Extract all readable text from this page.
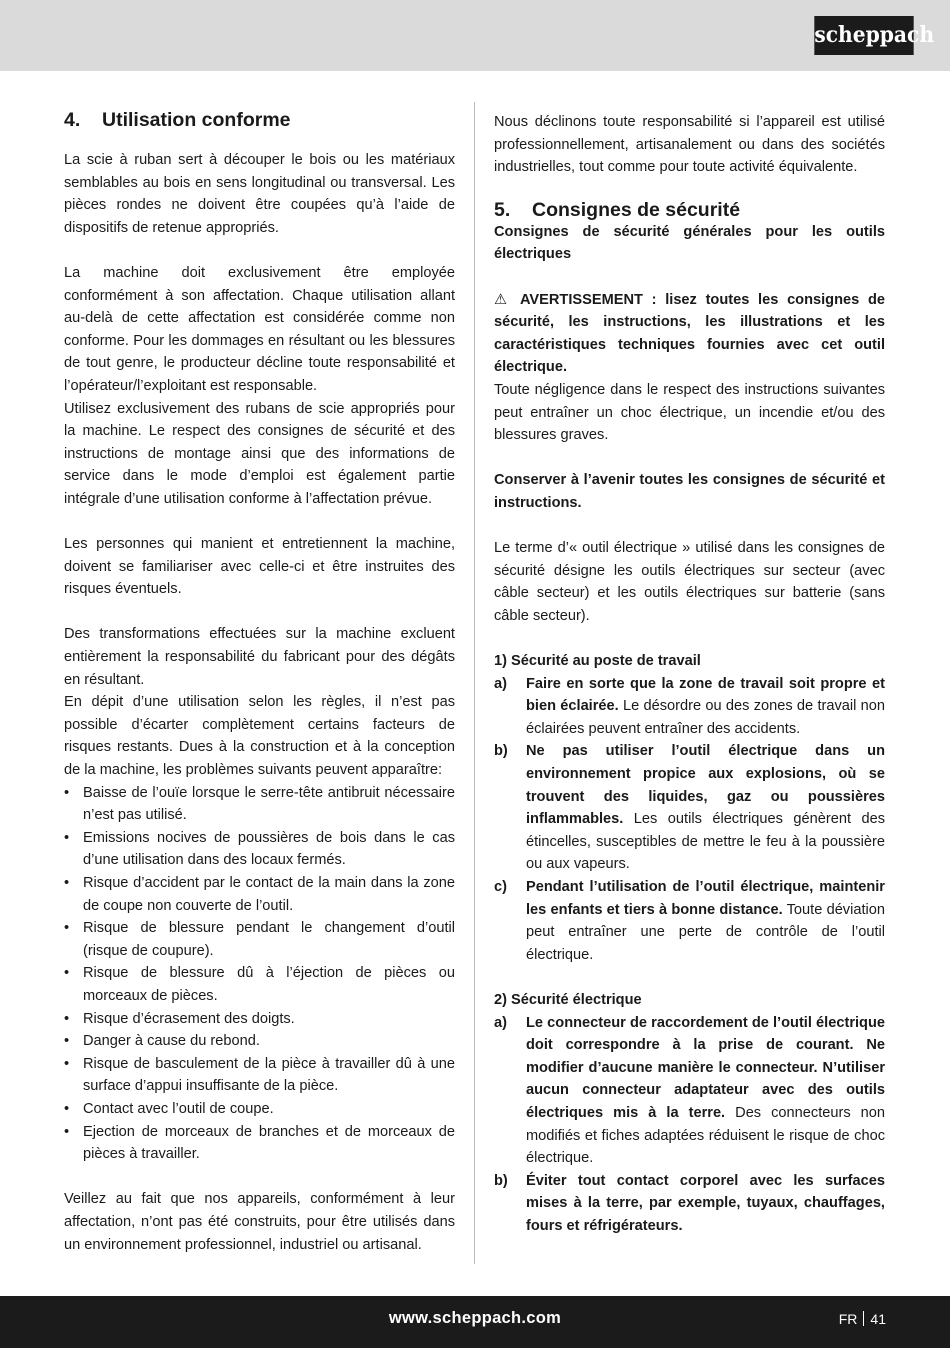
scheppach
4. Utilisation conforme

La scie à ruban sert à découper le bois ou les matériaux semblables au bois en sens longitudinal ou transversal. Les pièces rondes ne doivent être coupées qu’à l’aide de dispositifs de retenue appropriés.

La machine doit exclusivement être employée conformément à son affectation. Chaque utilisation allant au-delà de cette affectation est considérée comme non conforme. Pour les dommages en résultant ou les blessures de tout genre, le producteur décline toute responsabilité et l’opérateur/l’exploitant est responsable.

Utilisez exclusivement des rubans de scie appropriés pour la machine. Le respect des consignes de sécurité et des instructions de montage ainsi que des informations de service dans le mode d’emploi est également partie intégrale d’une utilisation conforme à l’affectation prévue.

Les personnes qui manient et entretiennent la machine, doivent se familiariser avec celle-ci et être instruites des risques éventuels.

Des transformations effectuées sur la machine excluent entièrement la responsabilité du fabricant pour des dégâts en résultant.

En dépit d’une utilisation selon les règles, il n’est pas possible d’écarter complètement certains facteurs de risques restants. Dues à la construction et à la conception de la machine, les problèmes suivants peuvent apparaître:

• Baisse de l’ouïe lorsque le serre-tête antibruit nécessaire n’est pas utilisé.
• Emissions nocives de poussières de bois dans le cas d’une utilisation dans des locaux fermés.
• Risque d’accident par le contact de la main dans la zone de coupe non couverte de l’outil.
• Risque de blessure pendant le changement d’outil (risque de coupure).
• Risque de blessure dû à l’éjection de pièces ou morceaux de pièces.
• Risque d’écrasement des doigts.
• Danger à cause du rebond.
• Risque de basculement de la pièce à travailler dû à une surface d’appui insuffisante de la pièce.
• Contact avec l’outil de coupe.
• Ejection de morceaux de branches et de morceaux de pièces à travailler.

Veillez au fait que nos appareils, conformément à leur affectation, n’ont pas été construits, pour être utilisés dans un environnement professionnel, industriel ou artisanal.

Nous déclinons toute responsabilité si l’appareil est utilisé professionnellement, artisanalement ou dans des sociétés industrielles, tout comme pour toute activité équivalente.

5. Consignes de sécurité

Consignes de sécurité générales pour les outils électriques

⚠ AVERTISSEMENT : lisez toutes les consignes de sécurité, les instructions, les illustrations et les caractéristiques techniques fournies avec cet outil électrique.

Toute négligence dans le respect des instructions suivantes peut entraîner un choc électrique, un incendie et/ou des blessures graves.

Conserver à l’avenir toutes les consignes de sécurité et instructions.

Le terme d’« outil électrique » utilisé dans les consignes de sécurité désigne les outils électriques sur secteur (avec câble secteur) et les outils électriques sur batterie (sans câble secteur).

1) Sécurité au poste de travail

a)	Faire en sorte que la zone de travail soit propre et bien éclairée. Le désordre ou des zones de travail non éclairées peuvent entraîner des accidents.
b)	Ne pas utiliser l’outil électrique dans un environnement propice aux explosions, où se trouvent des liquides, gaz ou poussières inflammables. Les outils électriques génèrent des étincelles, susceptibles de mettre le feu à la poussière ou aux vapeurs.
c)	Pendant l’utilisation de l’outil électrique, maintenir les enfants et tiers à bonne distance. Toute déviation peut entraîner une perte de contrôle de l’outil électrique.

2) Sécurité électrique

a)	Le connecteur de raccordement de l’outil électrique doit correspondre à la prise de courant. Ne modifier d’aucune manière le connecteur. N’utiliser aucun connecteur adaptateur avec des outils électriques mis à la terre. Des connecteurs non modifiés et fiches adaptées réduisent le risque de choc électrique.
b)	Éviter tout contact corporel avec les surfaces mises à la terre, par exemple, tuyaux, chauffages, fours et réfrigérateurs.
www.scheppach.com	FR 41
